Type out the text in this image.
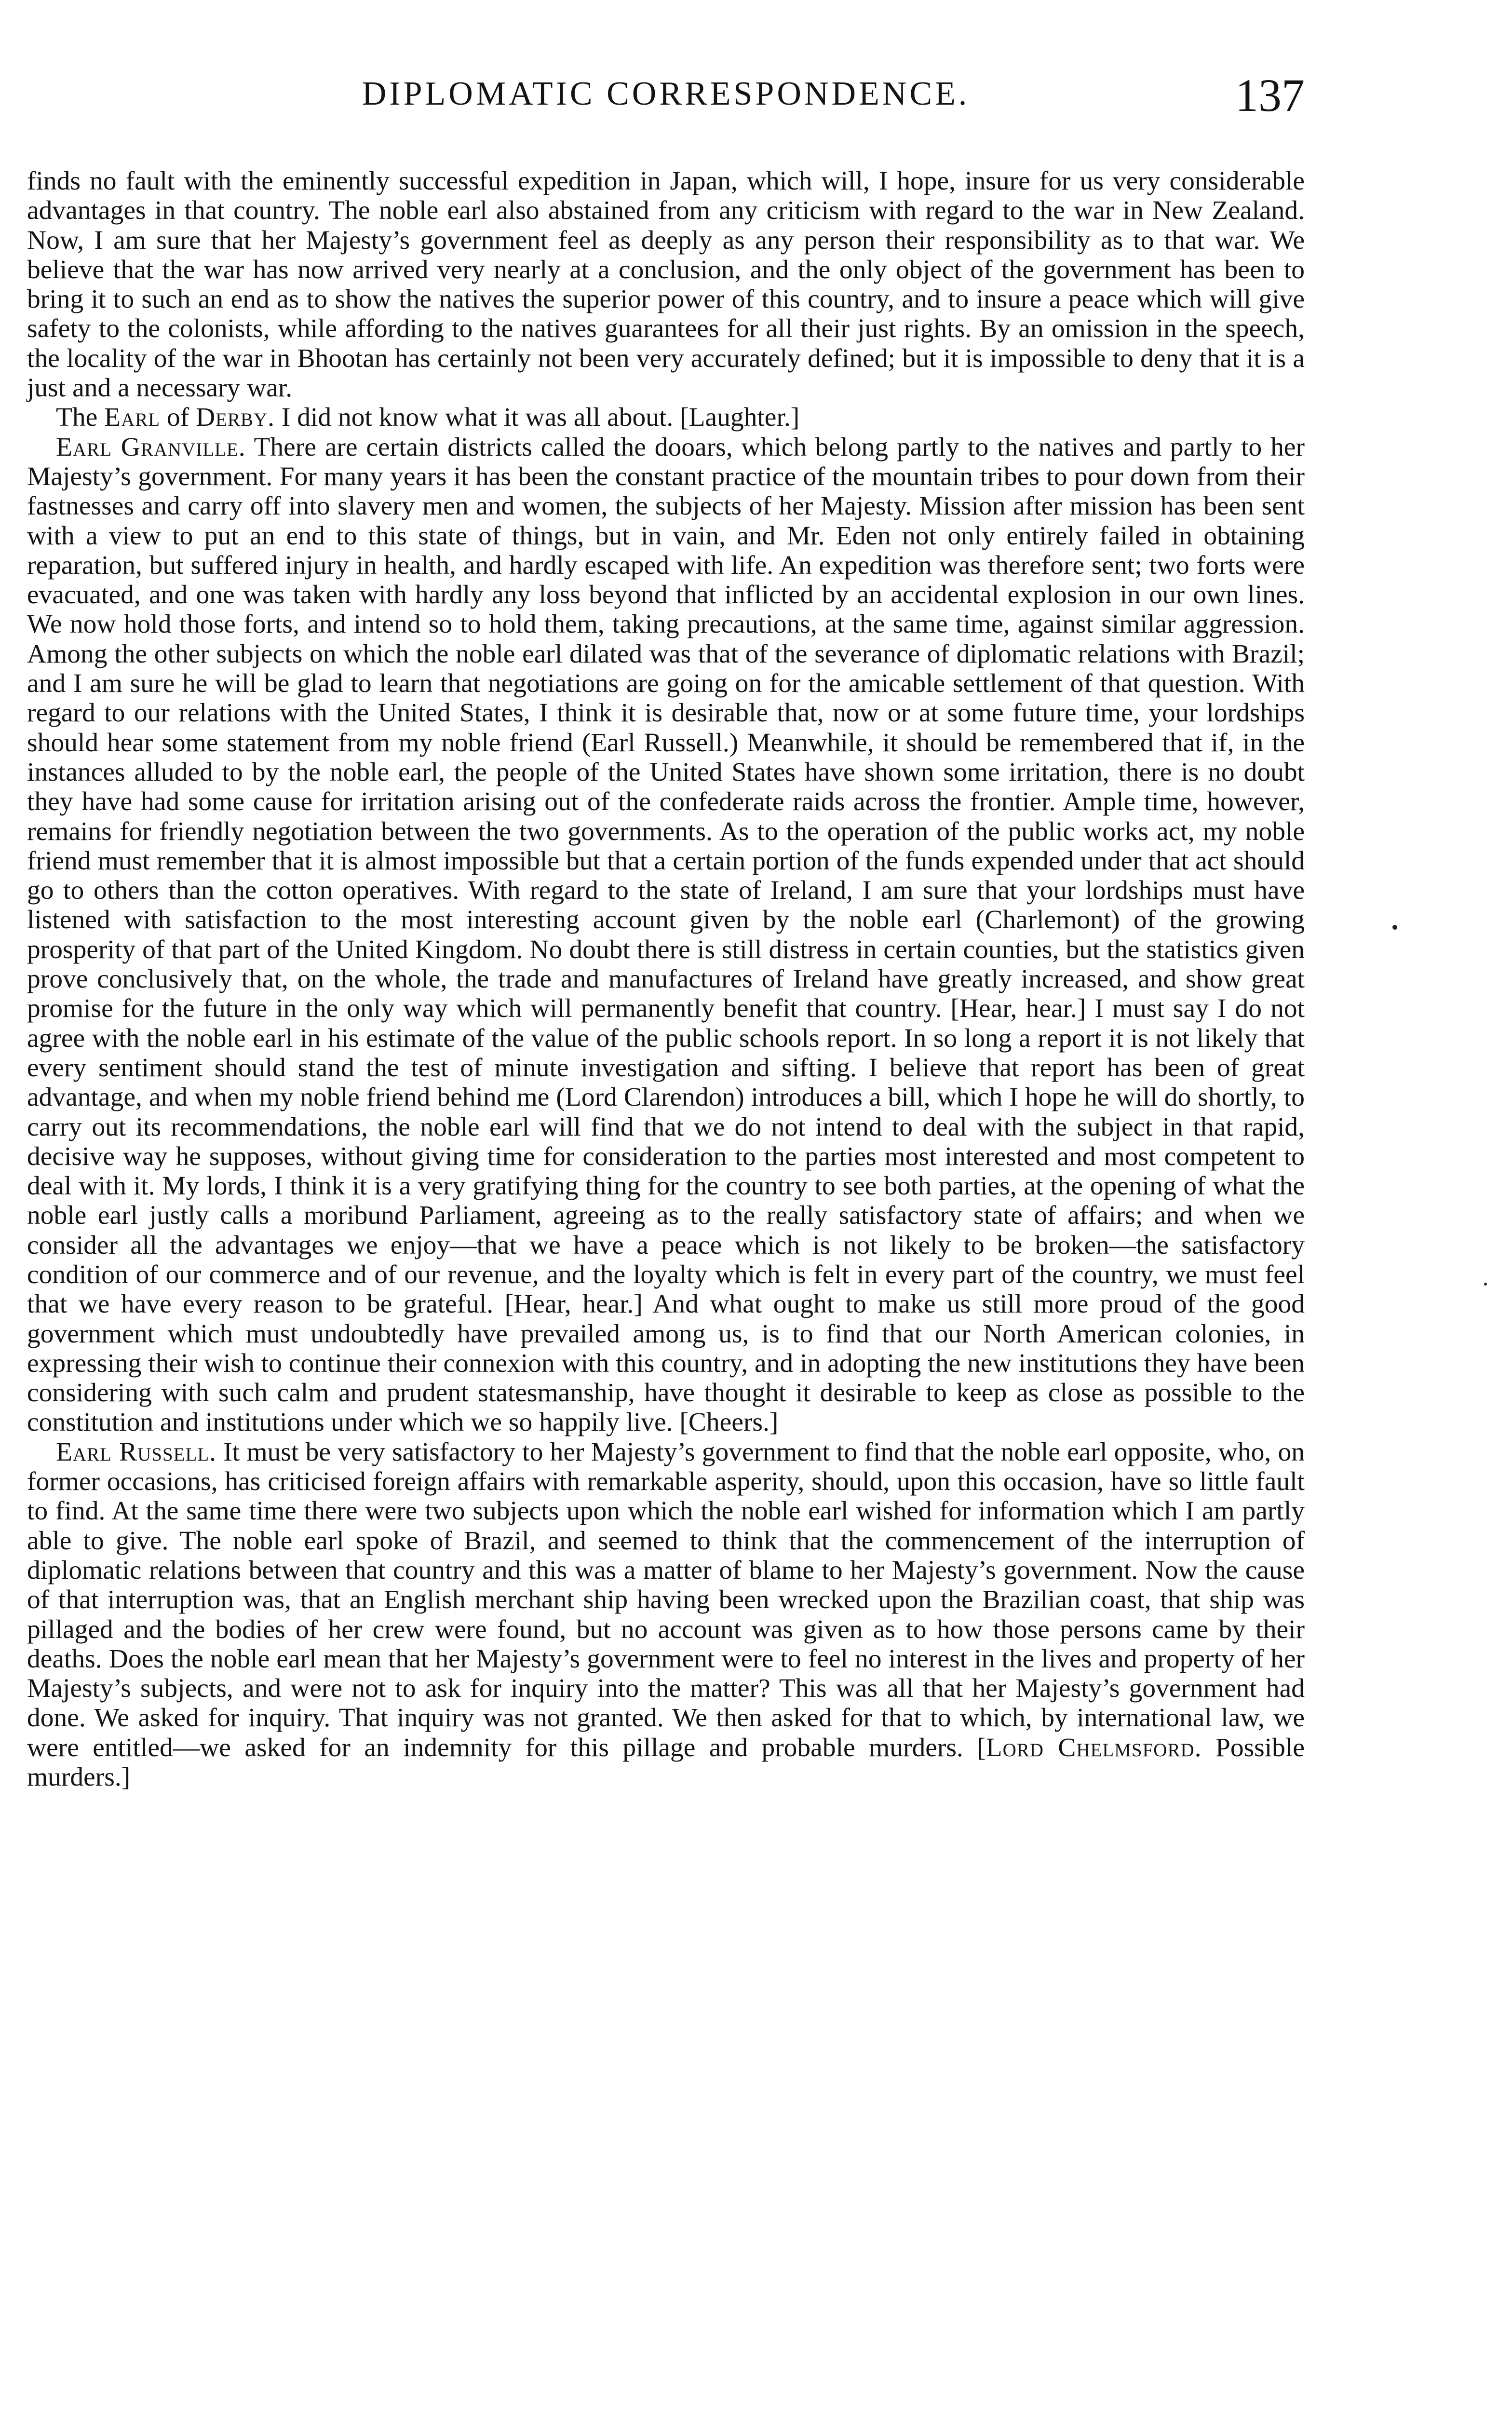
DIPLOMATIC CORRESPONDENCE.	137

finds no fault with the eminently successful expedition in Japan, which will, I hope, insure for us very considerable advantages in that country. The noble earl also abstained from any criticism with regard to the war in New Zealand. Now, I am sure that her Majesty’s government feel as deeply as any person their responsibility as to that war. We believe that the war has now arrived very nearly at a conclusion, and the only object of the government has been to bring it to such an end as to show the natives the superior power of this country, and to insure a peace which will give safety to the colonists, while affording to the natives guarantees for all their just rights. By an omission in the speech, the locality of the war in Bhootan has certainly not been very accurately defined; but it is impossible to deny that it is a just and a necessary war.

The Earl of Derby. I did not know what it was all about. [Laughter.]

Earl Granville. There are certain districts called the dooars, which belong partly to the natives and partly to her Majesty’s government. For many years it has been the constant practice of the mountain tribes to pour down from their fastnesses and carry off into slavery men and women, the subjects of her Majesty. Mission after mission has been sent with a view to put an end to this state of things, but in vain, and Mr. Eden not only entirely failed in obtaining reparation, but suffered injury in health, and hardly escaped with life. An expedition was therefore sent; two forts were evacuated, and one was taken with hardly any loss beyond that inflicted by an accidental explosion in our own lines. We now hold those forts, and intend so to hold them, taking precautions, at the same time, against similar aggression. Among the other subjects on which the noble earl dilated was that of the severance of diplomatic relations with Brazil; and I am sure he will be glad to learn that negotiations are going on for the amicable settlement of that question. With regard to our relations with the United States, I think it is desirable that, now or at some future time, your lordships should hear some statement from my noble friend (Earl Russell.) Meanwhile, it should be remembered that if, in the instances alluded to by the noble earl, the people of the United States have shown some irritation, there is no doubt they have had some cause for irritation arising out of the confederate raids across the frontier. Ample time, however, remains for friendly negotiation between the two governments. As to the operation of the public works act, my noble friend must remember that it is almost impossible but that a certain portion of the funds expended under that act should go to others than the cotton operatives. With regard to the state of Ireland, I am sure that your lordships must have listened with satisfaction to the most interesting account given by the noble earl (Charlemont) of the growing prosperity of that part of the United Kingdom. No doubt there is still distress in certain counties, but the statistics given prove conclusively that, on the whole, the trade and manufactures of Ireland have greatly increased, and show great promise for the future in the only way which will permanently benefit that country. [Hear, hear.] I must say I do not agree with the noble earl in his estimate of the value of the public schools report. In so long a report it is not likely that every sentiment should stand the test of minute investigation and sifting. I believe that report has been of great advantage, and when my noble friend behind me (Lord Clarendon) introduces a bill, which I hope he will do shortly, to carry out its recommendations, the noble earl will find that we do not intend to deal with the subject in that rapid, decisive way he supposes, without giving time for consideration to the parties most interested and most competent to deal with it. My lords, I think it is a very gratifying thing for the country to see both parties, at the opening of what the noble earl justly calls a moribund Parliament, agreeing as to the really satisfactory state of affairs; and when we consider all the advantages we enjoy—that we have a peace which is not likely to be broken—the satisfactory condition of our commerce and of our revenue, and the loyalty which is felt in every part of the country, we must feel that we have every reason to be grateful. [Hear, hear.] And what ought to make us still more proud of the good government which must undoubtedly have prevailed among us, is to find that our North American colonies, in expressing their wish to continue their connexion with this country, and in adopting the new institutions they have been considering with such calm and prudent statesmanship, have thought it desirable to keep as close as possible to the constitution and institutions under which we so happily live. [Cheers.]

Earl Russell. It must be very satisfactory to her Majesty’s government to find that the noble earl opposite, who, on former occasions, has criticised foreign affairs with remarkable asperity, should, upon this occasion, have so little fault to find. At the same time there were two subjects upon which the noble earl wished for information which I am partly able to give. The noble earl spoke of Brazil, and seemed to think that the commencement of the interruption of diplomatic relations between that country and this was a matter of blame to her Majesty’s government. Now the cause of that interruption was, that an English merchant ship having been wrecked upon the Brazilian coast, that ship was pillaged and the bodies of her crew were found, but no account was given as to how those persons came by their deaths. Does the noble earl mean that her Majesty’s government were to feel no interest in the lives and property of her Majesty’s subjects, and were not to ask for inquiry into the matter? This was all that her Majesty’s government had done. We asked for inquiry. That inquiry was not granted. We then asked for that to which, by international law, we were entitled—we asked for an indemnity for this pillage and probable murders. [Lord Chelmsford. Possible murders.]
